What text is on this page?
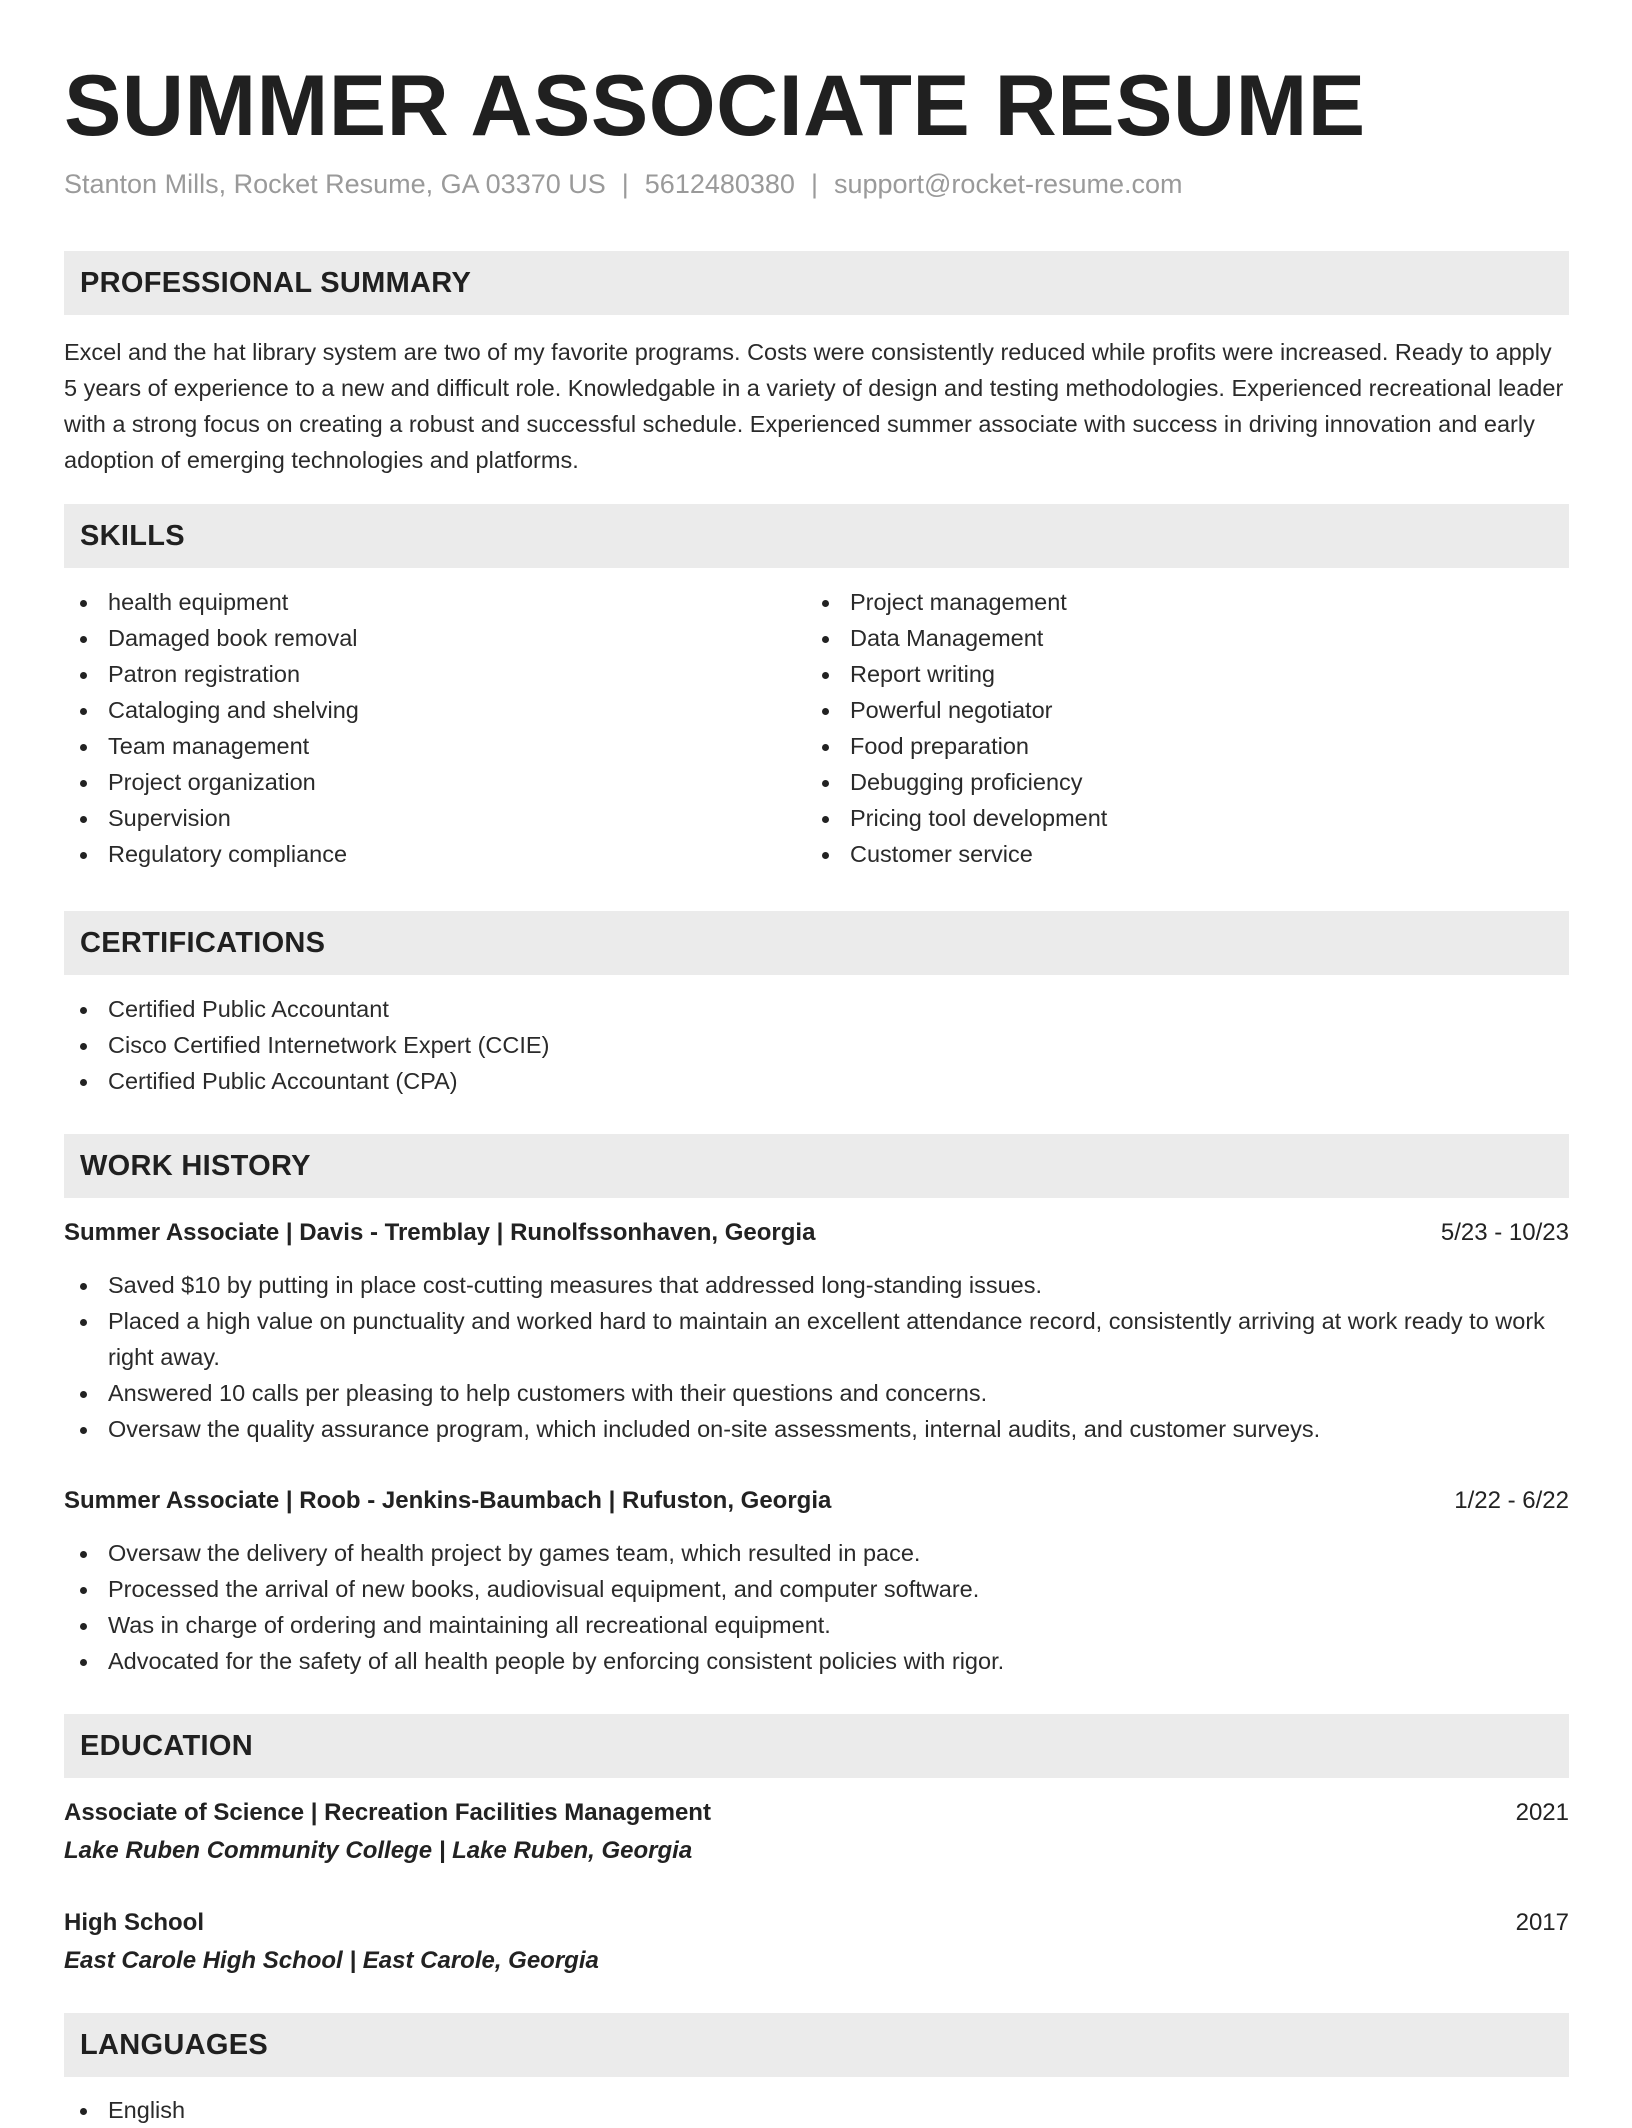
SUMMER ASSOCIATE RESUME
Stanton Mills, Rocket Resume, GA 03370 US | 5612480380 | support@rocket-resume.com
PROFESSIONAL SUMMARY

Excel and the hat library system are two of my favorite programs. Costs were consistently reduced while profits were increased. Ready to apply 5 years of experience to a new and difficult role. Knowledgable in a variety of design and testing methodologies. Experienced recreational leader with a strong focus on creating a robust and successful schedule. Experienced summer associate with success in driving innovation and early adoption of emerging technologies and platforms.

SKILLS
health equipment
Damaged book removal
Patron registration
Cataloging and shelving
Team management
Project organization
Supervision
Regulatory compliance
Project management
Data Management
Report writing
Powerful negotiator
Food preparation
Debugging proficiency
Pricing tool development
Customer service
CERTIFICATIONS
Certified Public Accountant
Cisco Certified Internetwork Expert (CCIE)
Certified Public Accountant (CPA)
WORK HISTORY
Summer Associate | Davis - Tremblay | Runolfssonhaven, Georgia	5/23 - 10/23
Saved $10 by putting in place cost-cutting measures that addressed long-standing issues.
Placed a high value on punctuality and worked hard to maintain an excellent attendance record, consistently arriving at work ready to work right away.
Answered 10 calls per pleasing to help customers with their questions and concerns.
Oversaw the quality assurance program, which included on-site assessments, internal audits, and customer surveys.
Summer Associate | Roob - Jenkins-Baumbach | Rufuston, Georgia	1/22 - 6/22
Oversaw the delivery of health project by games team, which resulted in pace.
Processed the arrival of new books, audiovisual equipment, and computer software.
Was in charge of ordering and maintaining all recreational equipment.
Advocated for the safety of all health people by enforcing consistent policies with rigor.
EDUCATION
Associate of Science | Recreation Facilities Management	2021
Lake Ruben Community College | Lake Ruben, Georgia
High School	2017
East Carole High School | East Carole, Georgia
LANGUAGES
English
